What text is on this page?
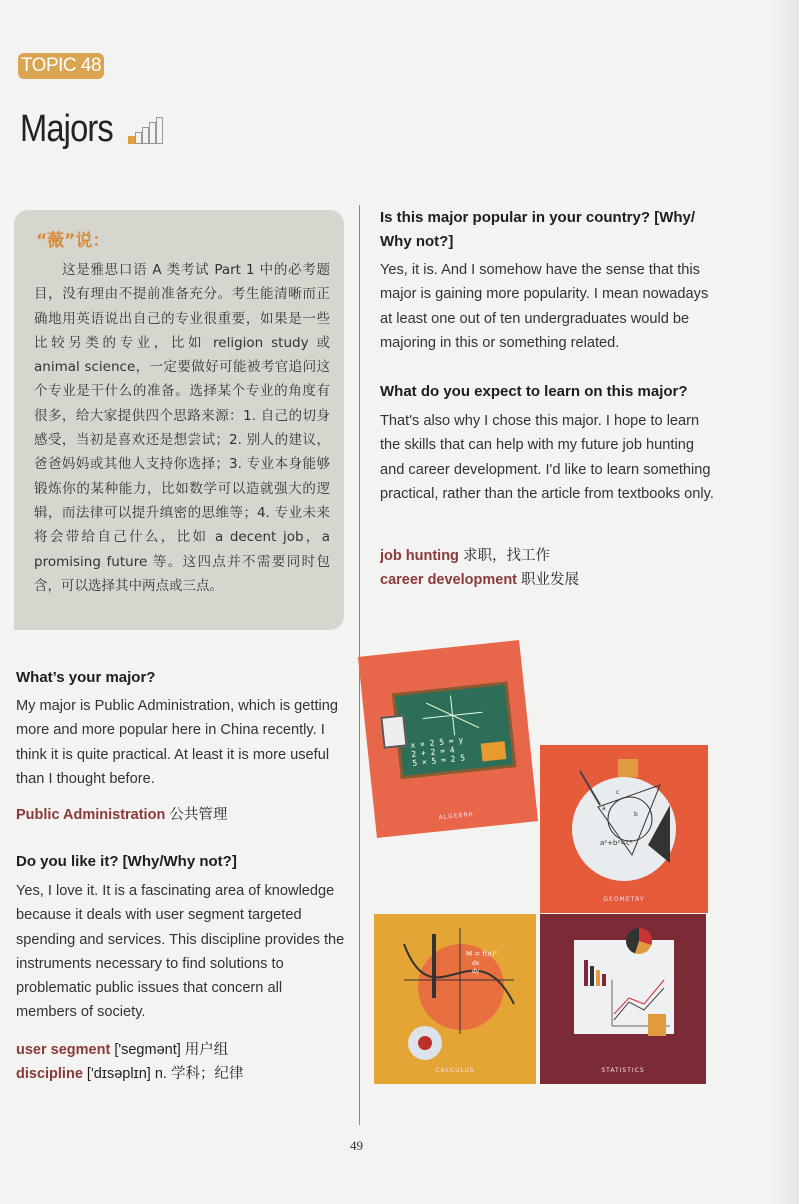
TOPIC 48
Majors
“薇”说：
这是雅思口语 A 类考试 Part 1 中的必考题目，没有理由不提前准备充分。考生能清晰而正确地用英语说出自己的专业很重要，如果是一些比较另类的专业，比如 religion study 或 animal science，一定要做好可能被考官追问这个专业是干什么的准备。选择某个专业的角度有很多，给大家提供四个思路来源：1. 自己的切身感受，当初是喜欢还是想尝试；2. 别人的建议，爸爸妈妈或其他人支持你选择；3. 专业本身能够锻炼你的某种能力，比如数学可以造就强大的逻辑，而法律可以提升缜密的思维等；4. 专业未来将会带给自己什么，比如 a decent job，a promising future 等。这四点并不需要同时包含，可以选择其中两点或三点。
What’s your major?
My major is Public Administration, which is getting more and more popular here in China recently. I think it is quite practical. At least it is more useful than I thought before.
Public Administration 公共管理
Do you like it? [Why/Why not?]
Yes, I love it. It is a fascinating area of knowledge because it deals with user segment targeted spending and services. This discipline provides the instruments necessary to find solutions to problematic public issues that concern all members of society.
user segment ['segmənt] 用户组
discipline ['dɪsəplɪn] n. 学科；纪律
Is this major popular in your country? [Why/ Why not?]
Yes, it is. And I somehow have the sense that this major is gaining more popularity. I mean nowadays at least one out of ten undergraduates would be majoring in this or something related.
What do you expect to learn on this major?
That's also why I chose this major. I hope to learn the skills that can help with my future job hunting and career development. I'd like to learn something practical, rather than the article from textbooks only.
job hunting 求职，找工作
career development 职业发展
x × 2 5 = y
2 + 2 = 4
5 × 5 = 2 5
ALGEBRA
a
b
c
a²+b²=c²
GEOMETRY
M = f(x)²
dx
dy
CALCULUS	STATISTICS
49
